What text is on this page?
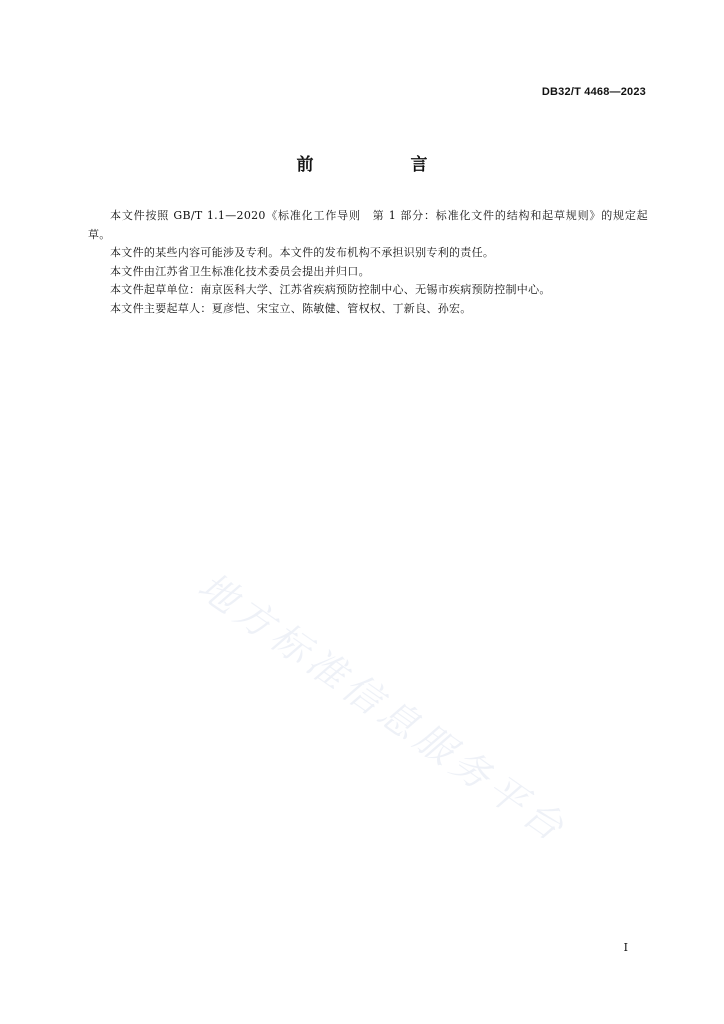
DB32/T 4468—2023
前　言

本文件按照 GB/T 1.1—2020《标准化工作导则　第 1 部分：标准化文件的结构和起草规则》的规定起草。

本文件的某些内容可能涉及专利。本文件的发布机构不承担识别专利的责任。

本文件由江苏省卫生标准化技术委员会提出并归口。

本文件起草单位：南京医科大学、江苏省疾病预防控制中心、无锡市疾病预防控制中心。

本文件主要起草人：夏彦恺、宋宝立、陈敏健、管权权、丁新良、孙宏。

地方标准信息服务平台
I
